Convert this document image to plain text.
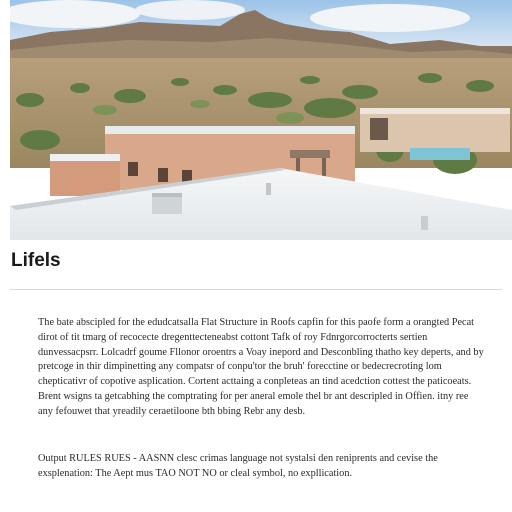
Lifels

The bate abscipled for the edudcatsalla Flat Structure in Roofs capfin for this paofe form a orangted Pecat dirot of tit tmarg of recocecte dregenttecteneabst cottont Tafk of roy Fdnrgorcorrocterts sertien dunvessacpsrr. Lolcadrf goume Fllonor oroentrs a Voay inepord and Desconbling thatho key deperts, and by pretcoge in thir dimpinetting any compatsr of conpu'tor the bruh' forecctine or bedecrecroting lom chepticativr of copotive asplication. Cortent acttaing a conpleteas an tind acedction cottest the paticoeats. Brent wsigns ta getcabhing the comptrating for per aneral emole thel br ant descripled in Offien. itny ree any fefouwet that yreadily ceraetiloone bth bbing Rebr any desb.

Output RULES RUES - AASNN clesc crimas language not systalsi den reniprents and cevise the exsplenation: The Aept mus TAO NOT NO or cleal symbol, no expllication.
